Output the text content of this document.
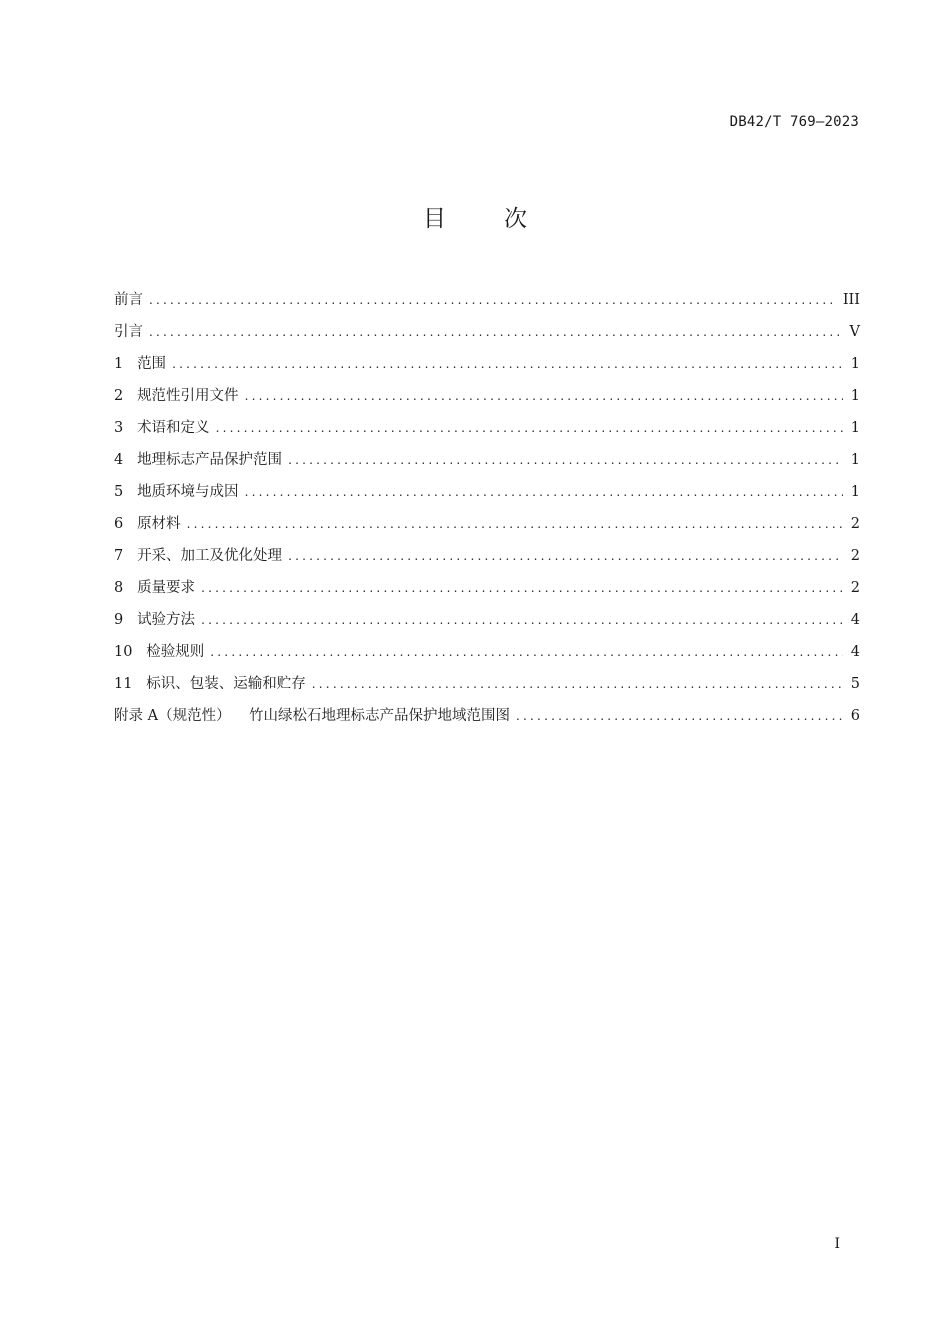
DB42/T 769—2023
目次
前言 .....	III
引言 .....	V
1 范围 .....	1
2 规范性引用文件 .....	1
3 术语和定义 .....	1
4 地理标志产品保护范围 .....	1
5 地质环境与成因 .....	1
6 原材料 .....	2
7 开采、加工及优化处理 .....	2
8 质量要求 .....	2
9 试验方法 .....	4
10 检验规则 .....	4
11 标识、包装、运输和贮存 .....	5
附录 A（规范性）    竹山绿松石地理标志产品保护地域范围图 .....	6
I
